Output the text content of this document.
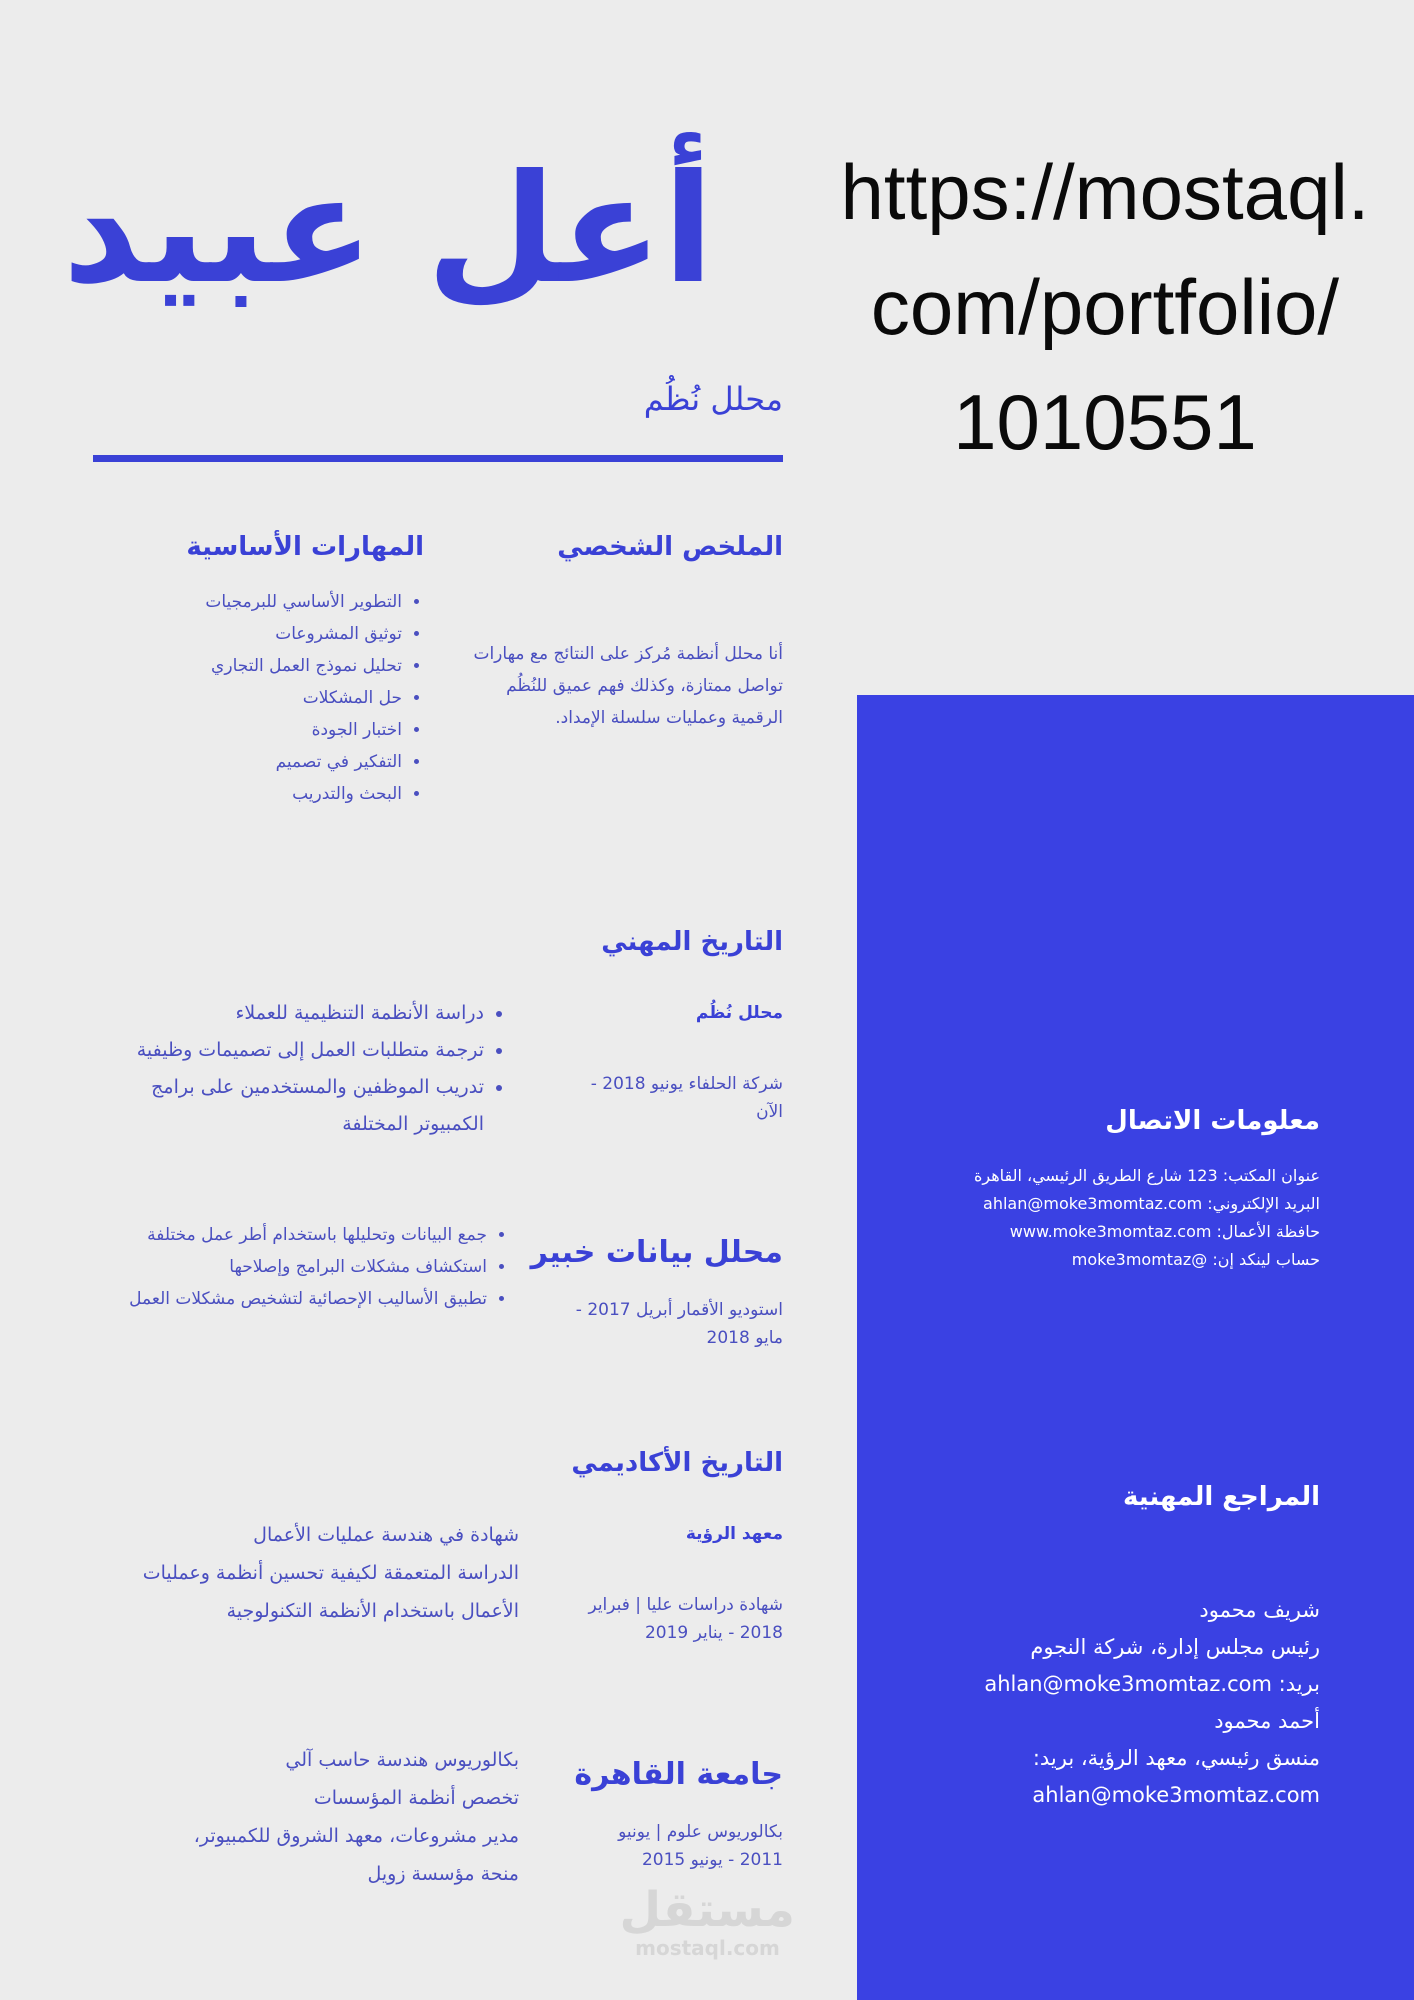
https://mostaql.
com/portfolio/
1010551
أعل عبيد
محلل نُظُم
الملخص الشخصي
أنا محلل أنظمة مُركز على النتائج مع مهارات
تواصل ممتازة، وكذلك فهم عميق للنُظُم
الرقمية وعمليات سلسلة الإمداد.
المهارات الأساسية
• التطوير الأساسي للبرمجيات
• توثيق المشروعات
• تحليل نموذج العمل التجاري
• حل المشكلات
• اختبار الجودة
• التفكير في تصميم
• البحث والتدريب
التاريخ المهني
محلل نُظُم
شركة الحلفاء يونيو 2018 -
الآن
• دراسة الأنظمة التنظيمية للعملاء
• ترجمة متطلبات العمل إلى تصميمات وظيفية
• تدريب الموظفين والمستخدمين على برامج الكمبيوتر المختلفة
محلل بيانات خبير
استوديو الأقمار أبريل 2017 -
مايو 2018
• جمع البيانات وتحليلها باستخدام أطر عمل مختلفة
• استكشاف مشكلات البرامج وإصلاحها
• تطبيق الأساليب الإحصائية لتشخيص مشكلات العمل
التاريخ الأكاديمي
معهد الرؤية
شهادة دراسات عليا | فبراير
2018 - يناير 2019
شهادة في هندسة عمليات الأعمال
الدراسة المتعمقة لكيفية تحسين أنظمة وعمليات
الأعمال باستخدام الأنظمة التكنولوجية
جامعة القاهرة
بكالوريوس علوم | يونيو
2011 - يونيو 2015
بكالوريوس هندسة حاسب آلي
تخصص أنظمة المؤسسات
مدير مشروعات، معهد الشروق للكمبيوتر،
منحة مؤسسة زويل
مستقل
mostaql.com
معلومات الاتصال
عنوان المكتب: 123 شارع الطريق الرئيسي، القاهرة
البريد الإلكتروني: ahlan@moke3momtaz.com
حافظة الأعمال: www.moke3momtaz.com
حساب لينكد إن: @moke3momtaz
المراجع المهنية
شريف محمود
رئيس مجلس إدارة، شركة النجوم
بريد: ahlan@moke3momtaz.com
أحمد محمود
منسق رئيسي، معهد الرؤية، بريد:
ahlan@moke3momtaz.com
